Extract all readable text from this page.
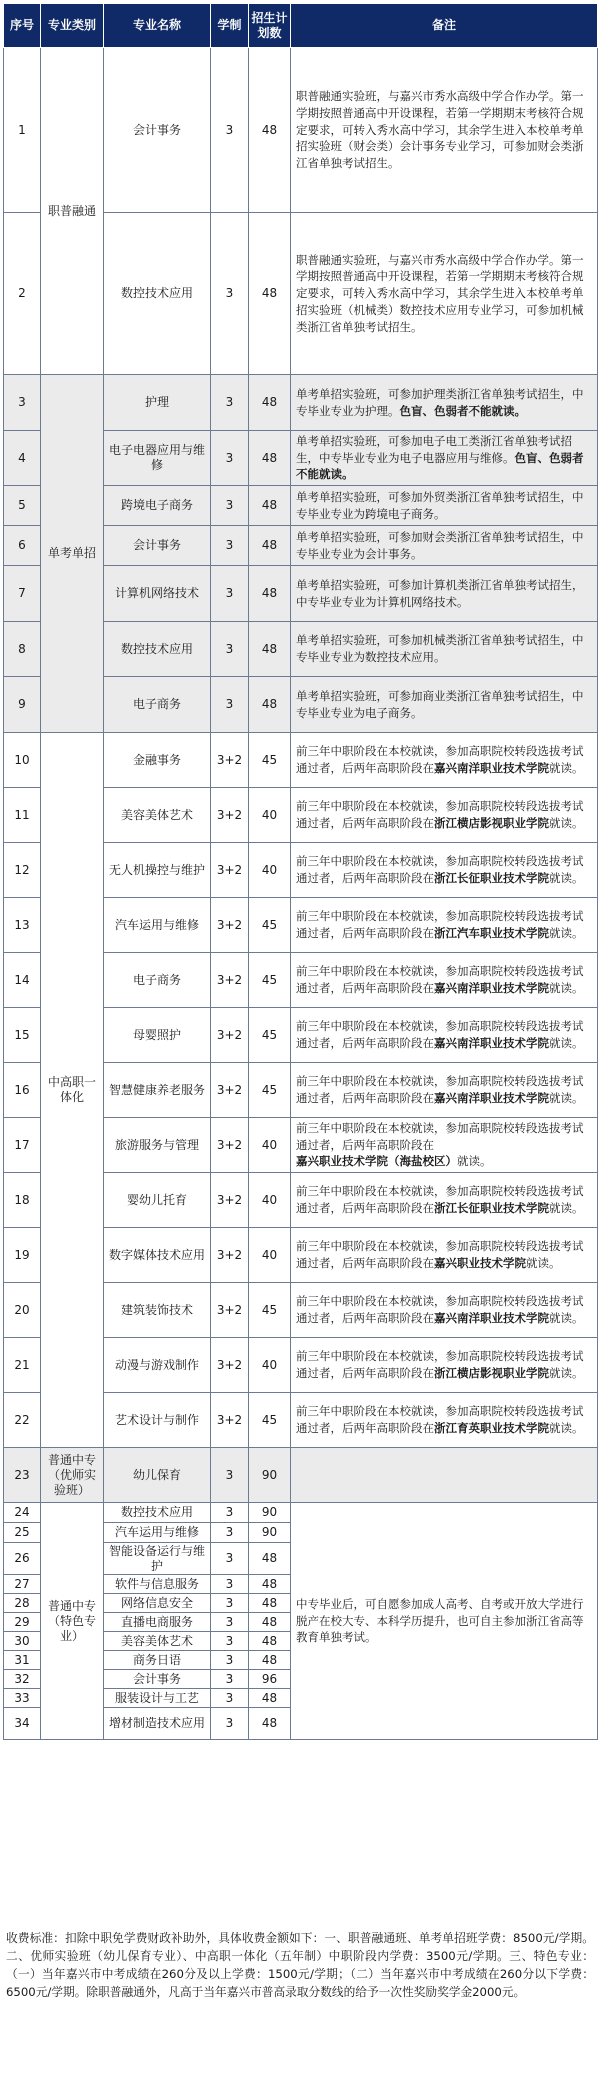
序号	专业类别	专业名称	学制	招生计划数	备注
1	职普融通	会计事务	3	48	职普融通实验班，与嘉兴市秀水高级中学合作办学。第一学期按照普通高中开设课程，若第一学期期末考核符合规定要求，可转入秀水高中学习，其余学生进入本校单考单招实验班（财会类）会计事务专业学习，可参加财会类浙江省单独考试招生。
2		数控技术应用	3	48	职普融通实验班，与嘉兴市秀水高级中学合作办学。第一学期按照普通高中开设课程，若第一学期期末考核符合规定要求，可转入秀水高中学习，其余学生进入本校单考单招实验班（机械类）数控技术应用专业学习，可参加机械类浙江省单独考试招生。
3	单考单招	护理	3	48	单考单招实验班，可参加护理类浙江省单独考试招生，中专毕业专业为护理。色盲、色弱者不能就读。
4		电子电器应用与维修	3	48	单考单招实验班，可参加电子电工类浙江省单独考试招生，中专毕业专业为电子电器应用与维修。色盲、色弱者不能就读。
5		跨境电子商务	3	48	单考单招实验班，可参加外贸类浙江省单独考试招生，中专毕业专业为跨境电子商务。
6		会计事务	3	48	单考单招实验班，可参加财会类浙江省单独考试招生，中专毕业专业为会计事务。
7		计算机网络技术	3	48	单考单招实验班，可参加计算机类浙江省单独考试招生，中专毕业专业为计算机网络技术。
8		数控技术应用	3	48	单考单招实验班，可参加机械类浙江省单独考试招生，中专毕业专业为数控技术应用。
9		电子商务	3	48	单考单招实验班，可参加商业类浙江省单独考试招生，中专毕业专业为电子商务。
10	中高职一体化	金融事务	3+2	45	前三年中职阶段在本校就读，参加高职院校转段选拔考试通过者，后两年高职阶段在嘉兴南洋职业技术学院就读。
11		美容美体艺术	3+2	40	前三年中职阶段在本校就读，参加高职院校转段选拔考试通过者，后两年高职阶段在浙江横店影视职业学院就读。
12		无人机操控与维护	3+2	40	前三年中职阶段在本校就读，参加高职院校转段选拔考试通过者，后两年高职阶段在浙江长征职业技术学院就读。
13		汽车运用与维修	3+2	45	前三年中职阶段在本校就读，参加高职院校转段选拔考试通过者，后两年高职阶段在浙江汽车职业技术学院就读。
14		电子商务	3+2	45	前三年中职阶段在本校就读，参加高职院校转段选拔考试通过者，后两年高职阶段在嘉兴南洋职业技术学院就读。
15		母婴照护	3+2	45	前三年中职阶段在本校就读，参加高职院校转段选拔考试通过者，后两年高职阶段在嘉兴南洋职业技术学院就读。
16		智慧健康养老服务	3+2	45	前三年中职阶段在本校就读，参加高职院校转段选拔考试通过者，后两年高职阶段在嘉兴南洋职业技术学院就读。
17		旅游服务与管理	3+2	40	前三年中职阶段在本校就读，参加高职院校转段选拔考试通过者，后两年高职阶段在嘉兴职业技术学院（海盐校区）就读。
18		婴幼儿托育	3+2	40	前三年中职阶段在本校就读，参加高职院校转段选拔考试通过者，后两年高职阶段在浙江长征职业技术学院就读。
19		数字媒体技术应用	3+2	40	前三年中职阶段在本校就读，参加高职院校转段选拔考试通过者，后两年高职阶段在嘉兴职业技术学院就读。
20		建筑装饰技术	3+2	45	前三年中职阶段在本校就读，参加高职院校转段选拔考试通过者，后两年高职阶段在嘉兴南洋职业技术学院就读。
21		动漫与游戏制作	3+2	40	前三年中职阶段在本校就读，参加高职院校转段选拔考试通过者，后两年高职阶段在浙江横店影视职业学院就读。
22		艺术设计与制作	3+2	45	前三年中职阶段在本校就读，参加高职院校转段选拔考试通过者，后两年高职阶段在浙江育英职业技术学院就读。
23	普通中专（优师实验班）	幼儿保育	3	90	
24	普通中专（特色专业）	数控技术应用	3	90	中专毕业后，可自愿参加成人高考、自考或开放大学进行脱产在校大专、本科学历提升，也可自主参加浙江省高等教育单独考试。
25		汽车运用与维修	3	90	
26		智能设备运行与维护	3	48	
27		软件与信息服务	3	48	
28		网络信息安全	3	48	
29		直播电商服务	3	48	
30		美容美体艺术	3	48	
31		商务日语	3	48	
32		会计事务	3	96	
33		服装设计与工艺	3	48	
34		增材制造技术应用	3	48	
收费标准：扣除中职免学费财政补助外，具体收费金额如下：一、职普融通班、单考单招班学费：8500元/学期。二、优师实验班（幼儿保育专业）、中高职一体化（五年制）中职阶段内学费：3500元/学期。三、特色专业：（一）当年嘉兴市中考成绩在260分及以上学费：1500元/学期；（二）当年嘉兴市中考成绩在260分以下学费：6500元/学期。除职普融通外，凡高于当年嘉兴市普高录取分数线的给予一次性奖励奖学金2000元。
